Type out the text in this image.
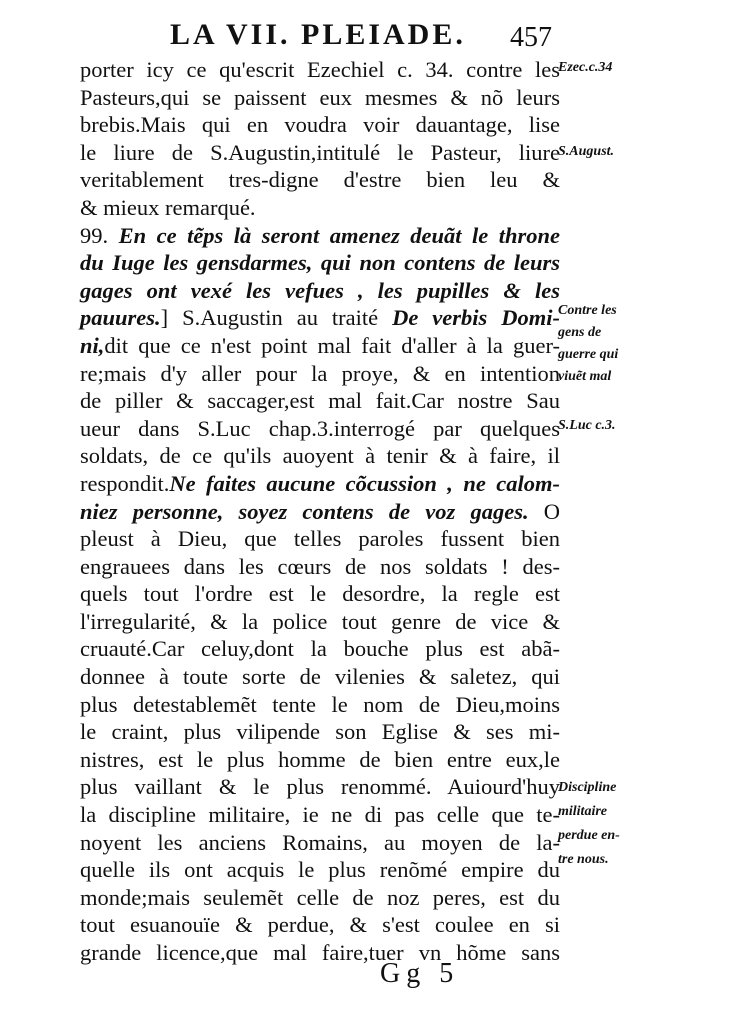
LA VII. PLEIADE. 457
porter icy ce qu'escrit Ezechiel c. 34. contre les
Pasteurs,qui se paissent eux mesmes & nõ leurs
brebis.Mais qui en voudra voir dauantage, lise
le liure de S.Augustin,intitulé le Pasteur, liure
veritablement tres-digne d'estre bien leu &
& mieux remarqué.
99. En ce tẽps là seront amenez deuãt le throne
du Iuge les gensdarmes, qui non contens de leurs
gages ont vexé les vefues , les pupilles & les
pauures.] S.Augustin au traité De verbis Domi-
ni,dit que ce n'est point mal fait d'aller à la guer-
re;mais d'y aller pour la proye, & en intention
de piller & saccager,est mal fait.Car nostre Sau
ueur dans S.Luc chap.3.interrogé par quelques
soldats, de ce qu'ils auoyent à tenir & à faire, il
respondit.Ne faites aucune cõcussion , ne calom-
niez personne, soyez contens de voz gages. O
pleust à Dieu, que telles paroles fussent bien
engrauees dans les cœurs de nos soldats ! des-
quels tout l'ordre est le desordre, la regle est
l'irregularité, & la police tout genre de vice &
cruauté.Car celuy,dont la bouche plus est abã-
donnee à toute sorte de vilenies & saletez, qui
plus detestablemẽt tente le nom de Dieu,moins
le craint, plus vilipende son Eglise & ses mi-
nistres, est le plus homme de bien entre eux,le
plus vaillant & le plus renommé. Auiourd'huy
la discipline militaire, ie ne di pas celle que te-
noyent les anciens Romains, au moyen de la-
quelle ils ont acquis le plus renõmé empire du
monde;mais seulemẽt celle de noz peres, est du
tout esuanouïe & perdue, & s'est coulee en si
grande licence,que mal faire,tuer vn hõme sans
Ezec.c.34
S.August.
Contre les
gens de
guerre qui
viuẽt mal
S.Luc c.3.
Discipline
militaire
perdue en-
tre nous.
Gg 5
